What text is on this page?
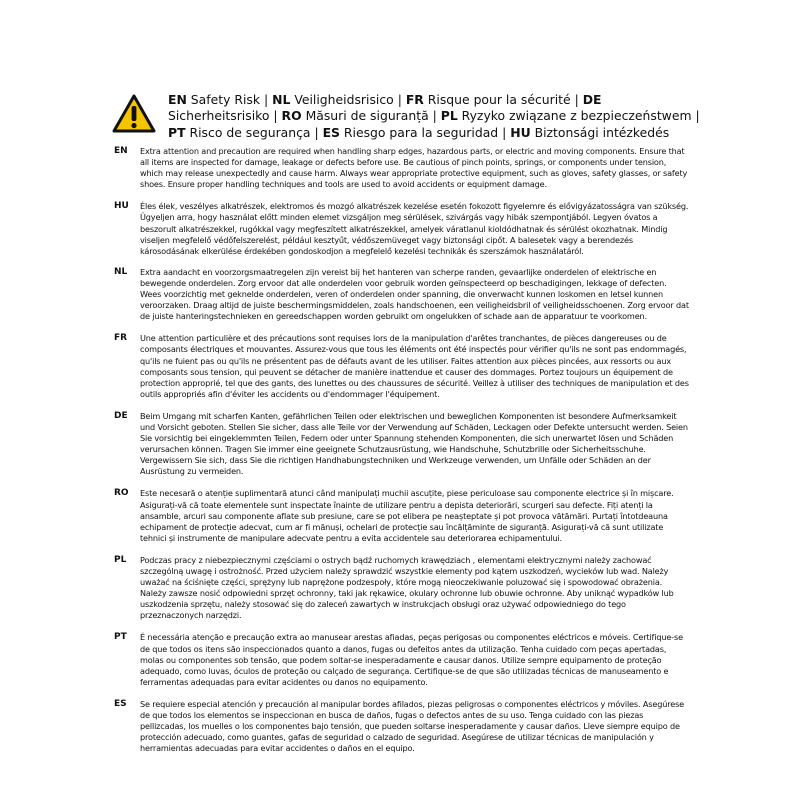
EN Safety Risk | NL Veiligheidsrisico | FR Risque pour la sécurité | DE Sicherheitsrisiko | RO Măsuri de siguranță | PL Ryzyko związane z bezpieczeństwem | PT Risco de segurança | ES Riesgo para la seguridad | HU Biztonsági intézkedés
EN	Extra attention and precaution are required when handling sharp edges, hazardous parts, or electric and moving components. Ensure that all items are inspected for damage, leakage or defects before use. Be cautious of pinch points, springs, or components under tension, which may release unexpectedly and cause harm. Always wear appropriate protective equipment, such as gloves, safety glasses, or safety shoes. Ensure proper handling techniques and tools are used to avoid accidents or equipment damage.
HU	Éles élek, veszélyes alkatrészek, elektromos és mozgó alkatrészek kezelése esetén fokozott figyelemre és elővigyázatosságra van szükség. Ügyeljen arra, hogy használat előtt minden elemet vizsgáljon meg sérülések, szivárgás vagy hibák szempontjából. Legyen óvatos a beszorult alkatrészekkel, rugókkal vagy megfeszített alkatrészekkel, amelyek váratlanul kioldódhatnak és sérülést okozhatnak. Mindig viseljen megfelelő védőfelszerelést, például kesztyűt, védőszemüveget vagy biztonsági cipőt. A balesetek vagy a berendezés károsodásának elkerülése érdekében gondoskodjon a megfelelő kezelési technikák és szerszámok használatáról.
NL	Extra aandacht en voorzorgsmaatregelen zijn vereist bij het hanteren van scherpe randen, gevaarlijke onderdelen of elektrische en bewegende onderdelen. Zorg ervoor dat alle onderdelen voor gebruik worden geïnspecteerd op beschadigingen, lekkage of defecten. Wees voorzichtig met geknelde onderdelen, veren of onderdelen onder spanning, die onverwacht kunnen loskomen en letsel kunnen veroorzaken. Draag altijd de juiste beschermingsmiddelen, zoals handschoenen, een veiligheidsbril of veiligheidsschoenen. Zorg ervoor dat de juiste hanteringstechnieken en gereedschappen worden gebruikt om ongelukken of schade aan de apparatuur te voorkomen.
FR	Une attention particulière et des précautions sont requises lors de la manipulation d'arêtes tranchantes, de pièces dangereuses ou de composants électriques et mouvantes. Assurez-vous que tous les éléments ont été inspectés pour vérifier qu'ils ne sont pas endommagés, qu'ils ne fuient pas ou qu'ils ne présentent pas de défauts avant de les utiliser. Faites attention aux pièces pincées, aux ressorts ou aux composants sous tension, qui peuvent se détacher de manière inattendue et causer des dommages. Portez toujours un équipement de protection approprié, tel que des gants, des lunettes ou des chaussures de sécurité. Veillez à utiliser des techniques de manipulation et des outils appropriés afin d'éviter les accidents ou d'endommager l'équipement.
DE	Beim Umgang mit scharfen Kanten, gefährlichen Teilen oder elektrischen und beweglichen Komponenten ist besondere Aufmerksamkeit und Vorsicht geboten. Stellen Sie sicher, dass alle Teile vor der Verwendung auf Schäden, Leckagen oder Defekte untersucht werden. Seien Sie vorsichtig bei eingeklemmten Teilen, Federn oder unter Spannung stehenden Komponenten, die sich unerwartet lösen und Schäden verursachen können. Tragen Sie immer eine geeignete Schutzausrüstung, wie Handschuhe, Schutzbrille oder Sicherheitsschuhe. Vergewissern Sie sich, dass Sie die richtigen Handhabungstechniken und Werkzeuge verwenden, um Unfälle oder Schäden an der Ausrüstung zu vermeiden.
RO	Este necesară o atenție suplimentară atunci când manipulați muchii ascuțite, piese periculoase sau componente electrice și în mișcare. Asigurați-vă că toate elementele sunt inspectate înainte de utilizare pentru a depista deteriorări, scurgeri sau defecte. Fiți atenți la ansamble, arcuri sau componente aflate sub presiune, care se pot elibera pe neașteptate și pot provoca vătămări. Purtați întotdeauna echipament de protecție adecvat, cum ar fi mănuși, ochelari de protecție sau încălțăminte de siguranță. Asigurați-vă că sunt utilizate tehnici și instrumente de manipulare adecvate pentru a evita accidentele sau deteriorarea echipamentului.
PL	Podczas pracy z niebezpiecznymi częściami o ostrych bądź ruchomych krawędziach , elementami elektrycznymi należy zachować szczególną uwagę i ostrożność. Przed użyciem należy sprawdzić wszystkie elementy pod kątem uszkodzeń, wycieków lub wad. Należy uważać na ściśnięte części, sprężyny lub naprężone podzespoły, które mogą nieoczekiwanie poluzować się i spowodować obrażenia. Należy zawsze nosić odpowiedni sprzęt ochronny, taki jak rękawice, okulary ochronne lub obuwie ochronne. Aby uniknąć wypadków lub uszkodzenia sprzętu, należy stosować się do zaleceń zawartych w instrukcjach obsługi oraz używać odpowiedniego do tego przeznaczonych narzędzi.
PT	É necessária atenção e precaução extra ao manusear arestas afiadas, peças perigosas ou componentes eléctricos e móveis. Certifique-se de que todos os itens são inspeccionados quanto a danos, fugas ou defeitos antes da utilização. Tenha cuidado com peças apertadas, molas ou componentes sob tensão, que podem soltar-se inesperadamente e causar danos. Utilize sempre equipamento de proteção adequado, como luvas, óculos de proteção ou calçado de segurança. Certifique-se de que são utilizadas técnicas de manuseamento e ferramentas adequadas para evitar acidentes ou danos no equipamento.
ES	Se requiere especial atención y precaución al manipular bordes afilados, piezas peligrosas o componentes eléctricos y móviles. Asegúrese de que todos los elementos se inspeccionan en busca de daños, fugas o defectos antes de su uso. Tenga cuidado con las piezas pellizcadas, los muelles o los componentes bajo tensión, que pueden soltarse inesperadamente y causar daños. Lleve siempre equipo de protección adecuado, como guantes, gafas de seguridad o calzado de seguridad. Asegúrese de utilizar técnicas de manipulación y herramientas adecuadas para evitar accidentes o daños en el equipo.
